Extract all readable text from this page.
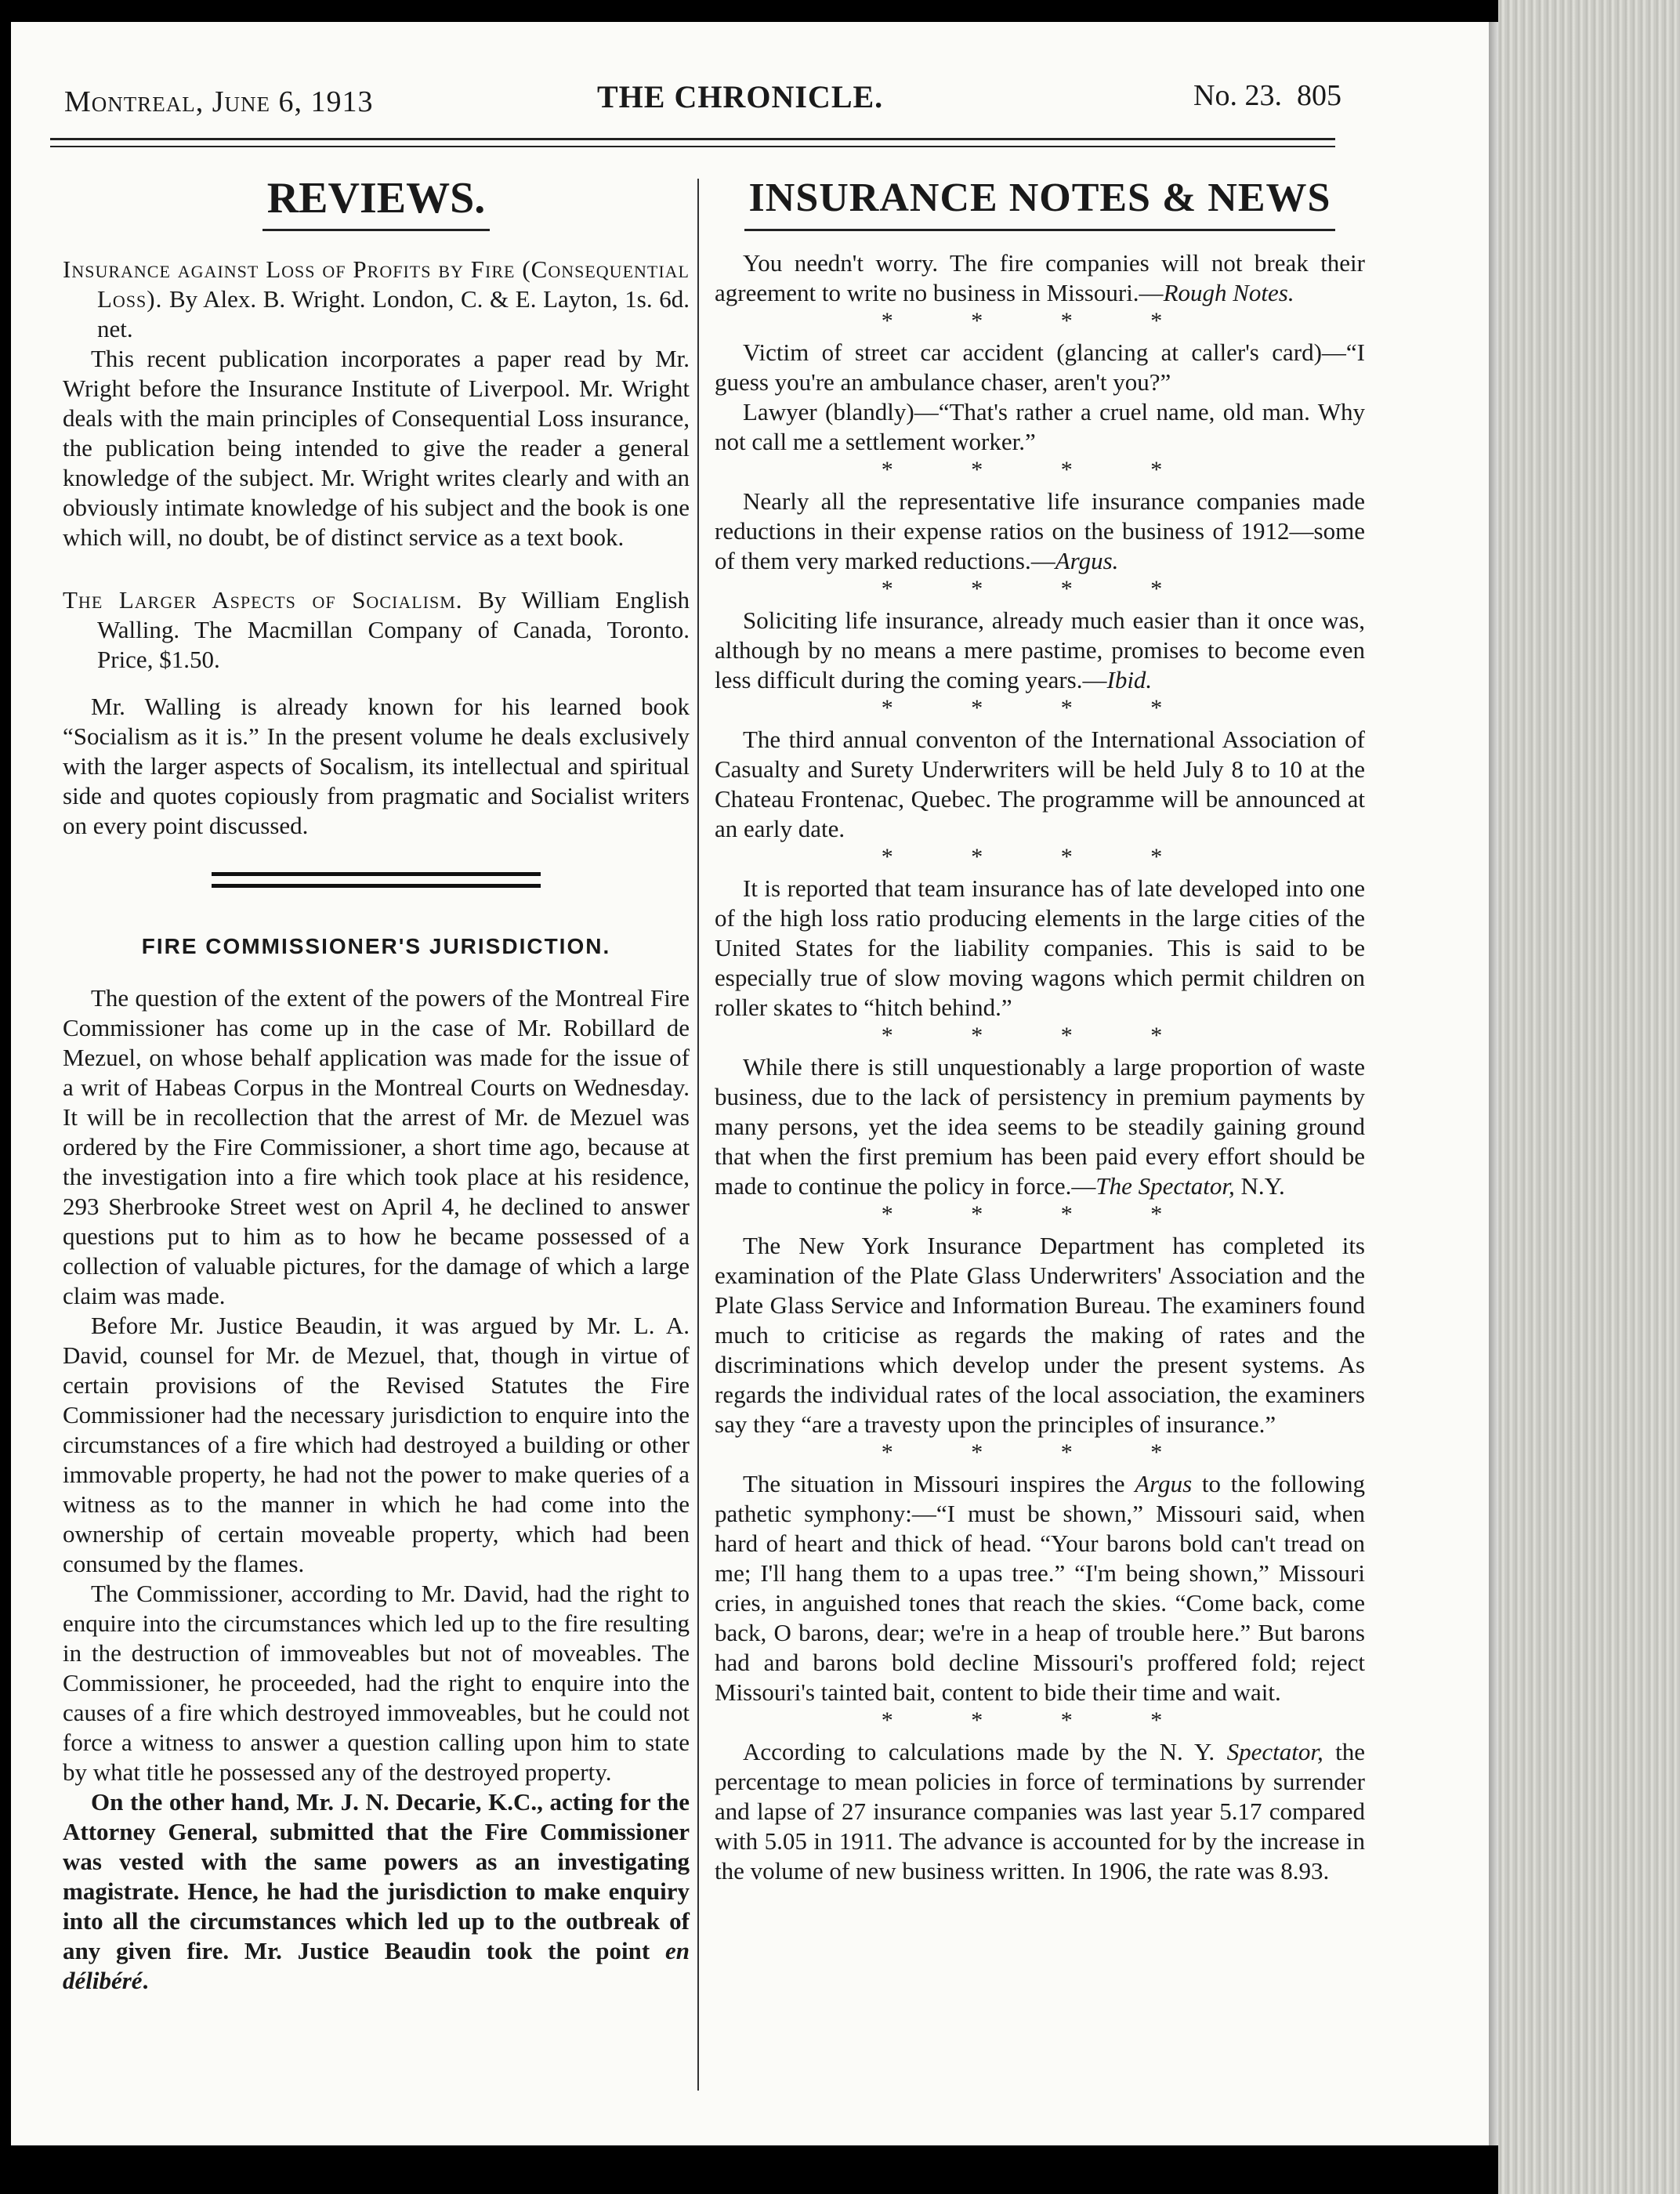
Montreal, June 6, 1913	THE CHRONICLE.	No. 23. 805
REVIEWS.

Insurance against Loss of Profits by Fire (Consequential Loss). By Alex. B. Wright. London, C. & E. Layton, 1s. 6d. net.

This recent publication incorporates a paper read by Mr. Wright before the Insurance Institute of Liverpool. Mr. Wright deals with the main principles of Consequential Loss insurance, the publication being intended to give the reader a general knowledge of the subject. Mr. Wright writes clearly and with an obviously intimate knowledge of his subject and the book is one which will, no doubt, be of distinct service as a text book.

The Larger Aspects of Socialism. By William English Walling. The Macmillan Company of Canada, Toronto. Price, $1.50.

Mr. Walling is already known for his learned book “Socialism as it is.” In the present volume he deals exclusively with the larger aspects of Socalism, its intellectual and spiritual side and quotes copiously from pragmatic and Socialist writers on every point discussed.

FIRE COMMISSIONER'S JURISDICTION.

The question of the extent of the powers of the Montreal Fire Commissioner has come up in the case of Mr. Robillard de Mezuel, on whose behalf application was made for the issue of a writ of Habeas Corpus in the Montreal Courts on Wednesday. It will be in recollection that the arrest of Mr. de Mezuel was ordered by the Fire Commissioner, a short time ago, because at the investigation into a fire which took place at his residence, 293 Sherbrooke Street west on April 4, he declined to answer questions put to him as to how he became possessed of a collection of valuable pictures, for the damage of which a large claim was made.

Before Mr. Justice Beaudin, it was argued by Mr. L. A. David, counsel for Mr. de Mezuel, that, though in virtue of certain provisions of the Revised Statutes the Fire Commissioner had the necessary jurisdiction to enquire into the circumstances of a fire which had destroyed a building or other immovable property, he had not the power to make queries of a witness as to the manner in which he had come into the ownership of certain moveable property, which had been consumed by the flames.

The Commissioner, according to Mr. David, had the right to enquire into the circumstances which led up to the fire resulting in the destruction of immoveables but not of moveables. The Commissioner, he proceeded, had the right to enquire into the causes of a fire which destroyed immoveables, but he could not force a witness to answer a question calling upon him to state by what title he possessed any of the destroyed property.

On the other hand, Mr. J. N. Decarie, K.C., acting for the Attorney General, submitted that the Fire Commissioner was vested with the same powers as an investigating magistrate. Hence, he had the jurisdiction to make enquiry into all the circumstances which led up to the outbreak of any given fire. Mr. Justice Beaudin took the point en délibéré.

INSURANCE NOTES & NEWS

You needn't worry. The fire companies will not break their agreement to write no business in Missouri.—Rough Notes.

* * * *

Victim of street car accident (glancing at caller's card)—“I guess you're an ambulance chaser, aren't you?”

Lawyer (blandly)—“That's rather a cruel name, old man. Why not call me a settlement worker.”

* * * *

Nearly all the representative life insurance companies made reductions in their expense ratios on the business of 1912—some of them very marked reductions.—Argus.

* * * *

Soliciting life insurance, already much easier than it once was, although by no means a mere pastime, promises to become even less difficult during the coming years.—Ibid.

* * * *

The third annual conventon of the International Association of Casualty and Surety Underwriters will be held July 8 to 10 at the Chateau Frontenac, Quebec. The programme will be announced at an early date.

* * * *

It is reported that team insurance has of late developed into one of the high loss ratio producing elements in the large cities of the United States for the liability companies. This is said to be especially true of slow moving wagons which permit children on roller skates to “hitch behind.”

* * * *

While there is still unquestionably a large proportion of waste business, due to the lack of persistency in premium payments by many persons, yet the idea seems to be steadily gaining ground that when the first premium has been paid every effort should be made to continue the policy in force.—The Spectator, N.Y.

* * * *

The New York Insurance Department has completed its examination of the Plate Glass Underwriters' Association and the Plate Glass Service and Information Bureau. The examiners found much to criticise as regards the making of rates and the discriminations which develop under the present systems. As regards the individual rates of the local association, the examiners say they “are a travesty upon the principles of insurance.”

* * * *

The situation in Missouri inspires the Argus to the following pathetic symphony:—“I must be shown,” Missouri said, when hard of heart and thick of head. “Your barons bold can't tread on me; I'll hang them to a upas tree.” “I'm being shown,” Missouri cries, in anguished tones that reach the skies. “Come back, come back, O barons, dear; we're in a heap of trouble here.” But barons had and barons bold decline Missouri's proffered fold; reject Missouri's tainted bait, content to bide their time and wait.

* * * *

According to calculations made by the N. Y. Spectator, the percentage to mean policies in force of terminations by surrender and lapse of 27 insurance companies was last year 5.17 compared with 5.05 in 1911. The advance is accounted for by the increase in the volume of new business written. In 1906, the rate was 8.93.
